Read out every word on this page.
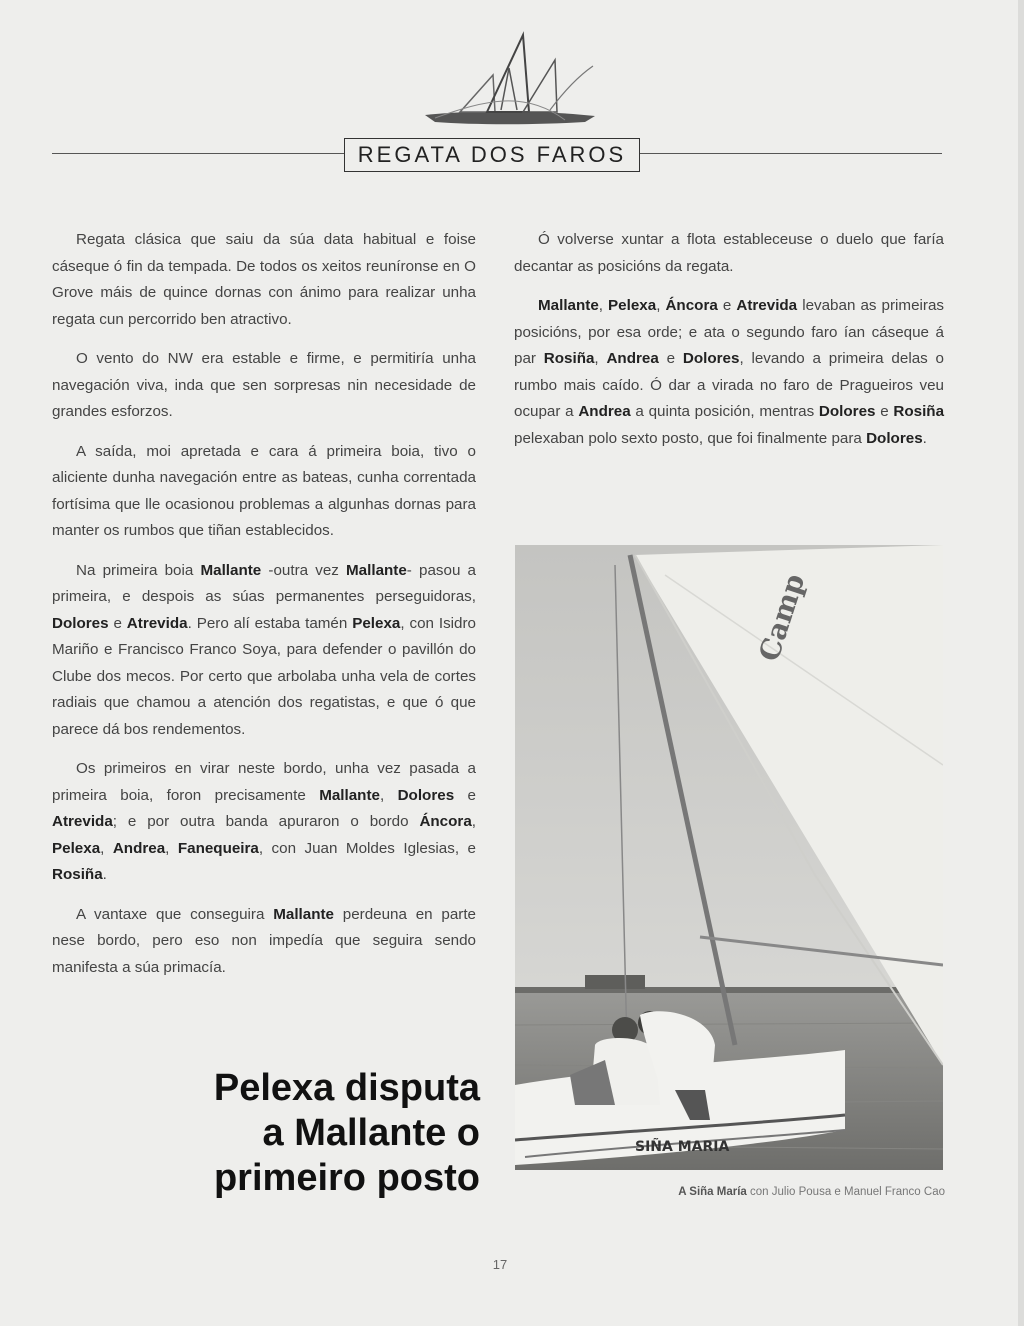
REGATA DOS FAROS

Regata clásica que saiu da súa data habitual e foise cáseque ó fin da tempada. De todos os xeitos reuníronse en O Grove máis de quince dornas con ánimo para realizar unha regata cun percorrido ben atractivo.

O vento do NW era estable e firme, e permitiría unha navegación viva, inda que sen sorpresas nin necesidade de grandes esforzos.

A saída, moi apretada e cara á primeira boia, tivo o aliciente dunha navegación entre as bateas, cunha correntada fortísima que lle ocasionou problemas a algunhas dornas para manter os rumbos que tiñan establecidos.

Na primeira boia Mallante -outra vez Mallante- pasou a primeira, e despois as súas permanentes perseguidoras, Dolores e Atrevida. Pero alí estaba tamén Pelexa, con Isidro Mariño e Francisco Franco Soya, para defender o pavillón do Clube dos mecos. Por certo que arbolaba unha vela de cortes radiais que chamou a atención dos regatistas, e que ó que parece dá bos rendementos.

Os primeiros en virar neste bordo, unha vez pasada a primeira boia, foron precisamente Mallante, Dolores e Atrevida; e por outra banda apuraron o bordo Áncora, Pelexa, Andrea, Fanequeira, con Juan Moldes Iglesias, e Rosiña.

A vantaxe que conseguira Mallante perdeuna en parte nese bordo, pero eso non impedía que seguira sendo manifesta a súa primacía.

Ó volverse xuntar a flota estableceuse o duelo que faría decantar as posicións da regata.

Mallante, Pelexa, Áncora e Atrevida levaban as primeiras posicións, por esa orde; e ata o segundo faro ían cáseque á par Rosiña, Andrea e Dolores, levando a primeira delas o rumbo mais caído. Ó dar a virada no faro de Pragueiros veu ocupar a Andrea a quinta posición, mentras Dolores e Rosiña pelexaban polo sexto posto, que foi finalmente para Dolores.

Pelexa disputa
a Mallante o
primeiro posto
Camp
SIÑA MARIA
A Siña María con Julio Pousa e Manuel Franco Cao
17
